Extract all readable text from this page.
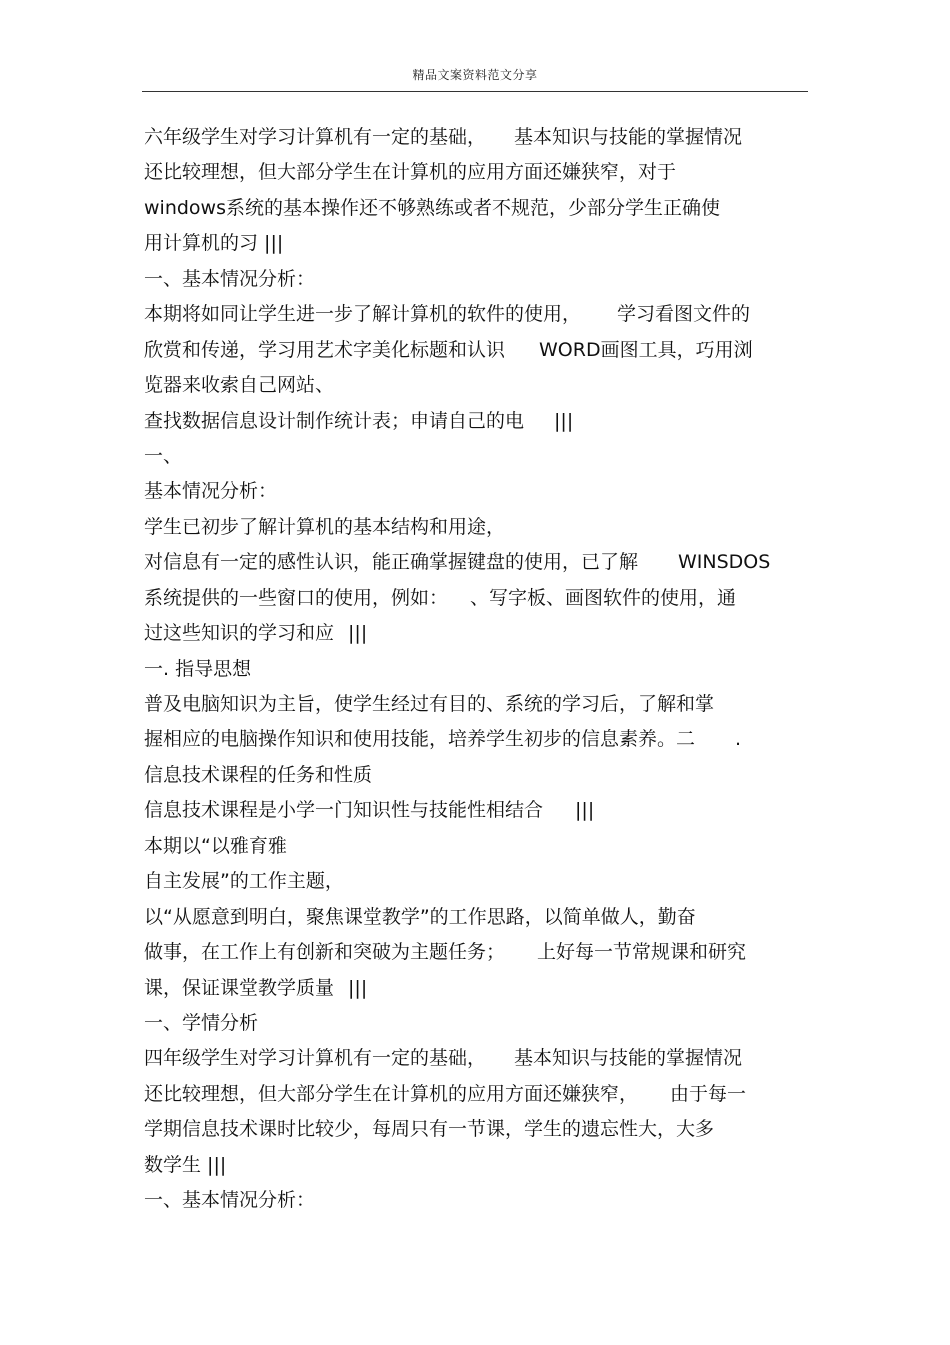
精品文案资料范文分享
六年级学生对学习计算机有一定的基础， 基本知识与技能的掌握情况
还比较理想，但大部分学生在计算机的应用方面还嫌狭窄，对于
windows系统的基本操作还不够熟练或者不规范，少部分学生正确使
用计算机的习 |||
一、基本情况分析：
本期将如同让学生进一步了解计算机的软件的使用， 学习看图文件的
欣赏和传递，学习用艺术字美化标题和认识 WORD画图工具，巧用浏
览器来收索自己网站、
查找数据信息设计制作统计表；申请自己的电 |||
一、
基本情况分析：
学生已初步了解计算机的基本结构和用途，
对信息有一定的感性认识，能正确掌握键盘的使用，已了解 WINSDOS
系统提供的一些窗口的使用，例如： 、写字板、画图软件的使用，通
过这些知识的学习和应 |||
一. 指导思想
普及电脑知识为主旨，使学生经过有目的、系统的学习后，了解和掌
握相应的电脑操作知识和使用技能，培养学生初步的信息素养。二 .
信息技术课程的任务和性质
信息技术课程是小学一门知识性与技能性相结合 |||
本期以“以雅育雅
自主发展”的工作主题，
以“从愿意到明白，聚焦课堂教学”的工作思路，以简单做人，勤奋
做事，在工作上有创新和突破为主题任务； 上好每一节常规课和研究
课，保证课堂教学质量 |||
一、学情分析
四年级学生对学习计算机有一定的基础， 基本知识与技能的掌握情况
还比较理想，但大部分学生在计算机的应用方面还嫌狭窄， 由于每一
学期信息技术课时比较少，每周只有一节课，学生的遗忘性大，大多
数学生 |||
一、基本情况分析：
